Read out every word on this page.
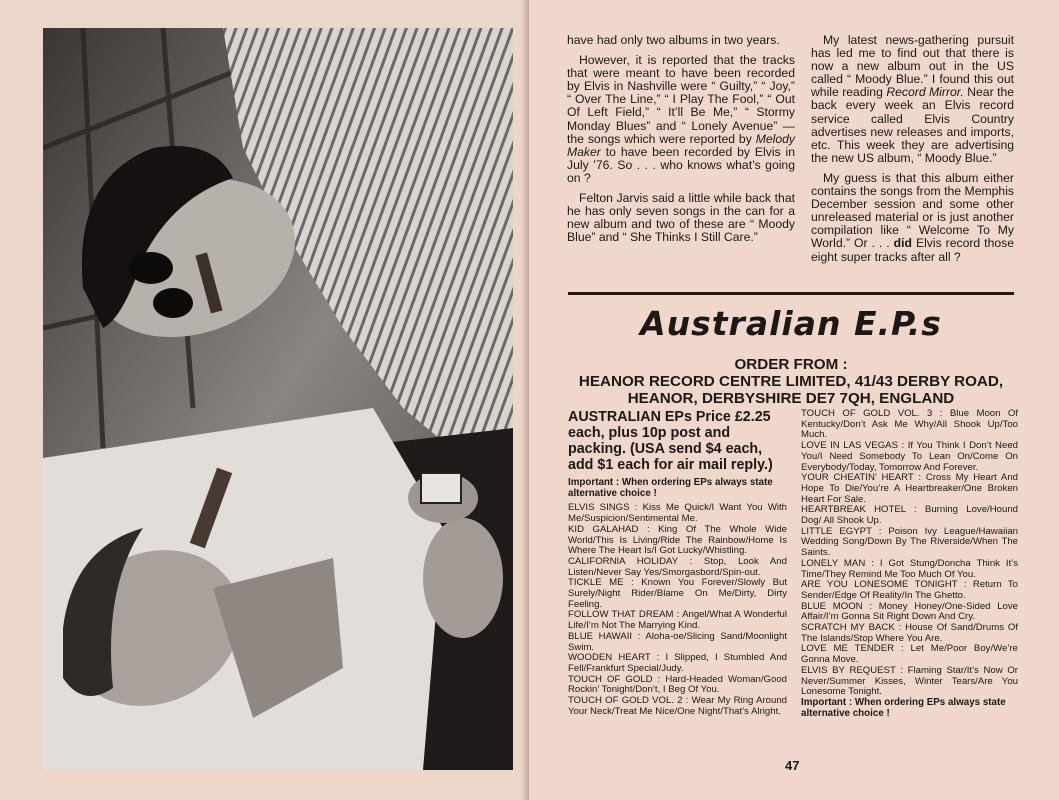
have had only two albums in two years.

However, it is reported that the tracks that were meant to have been recorded by Elvis in Nashville were “ Guilty,” “ Joy,” “ Over The Line,” “ I Play The Fool,” “ Out Of Left Field,” “ It’ll Be Me,” “ Stormy Monday Blues” and “ Lonely Avenue” — the songs which were reported by Melody Maker to have been recorded by Elvis in July ’76. So . . . who knows what’s going on ?

Felton Jarvis said a little while back that he has only seven songs in the can for a new album and two of these are “ Moody Blue” and “ She Thinks I Still Care.”

My latest news-gathering pursuit has led me to find out that there is now a new album out in the US called “ Moody Blue.” I found this out while reading Record Mirror. Near the back every week an Elvis record service called Elvis Country advertises new releases and imports, etc. This week they are advertising the new US album, “ Moody Blue.”

My guess is that this album either contains the songs from the Memphis December session and some other unreleased material or is just another compilation like “ Welcome To My World.” Or . . . did Elvis record those eight super tracks after all ?

Australian E.P.s
ORDER FROM :
HEANOR RECORD CENTRE LIMITED, 41/43 DERBY ROAD,
HEANOR, DERBYSHIRE DE7 7QH, ENGLAND
AUSTRALIAN EPs Price £2.25 each, plus 10p post and packing. (USA send $4 each, add $1 each for air mail reply.)
Important : When ordering EPs always state alternative choice !
ELVIS SINGS : Kiss Me Quick/I Want You With Me/Suspicion/Sentimental Me.
KID GALAHAD : King Of The Whole Wide World/This Is Living/Ride The Rainbow/Home Is Where The Heart Is/I Got Lucky/Whistling.
CALIFORNIA HOLIDAY : Stop, Look And Listen/Never Say Yes/Smorgasbord/Spin-out.
TICKLE ME : Known You Forever/Slowly But Surely/Night Rider/Blame On Me/Dirty, Dirty Feeling.
FOLLOW THAT DREAM : Angel/What A Wonderful Life/I’m Not The Marrying Kind.
BLUE HAWAII : Aloha-oe/Slicing Sand/Moonlight Swim.
WOODEN HEART : I Slipped, I Stumbled And Fell/Frankfurt Special/Judy.
TOUCH OF GOLD : Hard-Headed Woman/Good Rockin’ Tonight/Don’t, I Beg Of You.
TOUCH OF GOLD VOL. 2 : Wear My Ring Around Your Neck/Treat Me Nice/One Night/That’s Alright.
TOUCH OF GOLD VOL. 3 : Blue Moon Of Kentucky/Don’t Ask Me Why/All Shook Up/Too Much.
LOVE IN LAS VEGAS : If You Think I Don’t Need You/I Need Somebody To Lean On/Come On Everybody/Today, Tomorrow And Forever.
YOUR CHEATIN’ HEART : Cross My Heart And Hope To Die/You’re A Heartbreaker/One Broken Heart For Sale.
HEARTBREAK HOTEL : Burning Love/Hound Dog/ All Shook Up.
LITTLE EGYPT : Poison Ivy League/Hawaiian Wedding Song/Down By The Riverside/When The Saints.
LONELY MAN : I Got Stung/Doncha Think It’s Time/They Remind Me Too Much Of You.
ARE YOU LONESOME TONIGHT : Return To Sender/Edge Of Reality/In The Ghetto.
BLUE MOON : Money Honey/One-Sided Love Affair/I’m Gonna Sit Right Down And Cry.
SCRATCH MY BACK : House Of Sand/Drums Of The Islands/Stop Where You Are.
LOVE ME TENDER : Let Me/Poor Boy/We’re Gonna Move.
ELVIS BY REQUEST : Flaming Star/It’s Now Or Never/Summer Kisses, Winter Tears/Are You Lonesome Tonight.
Important : When ordering EPs always state alternative choice !
47
